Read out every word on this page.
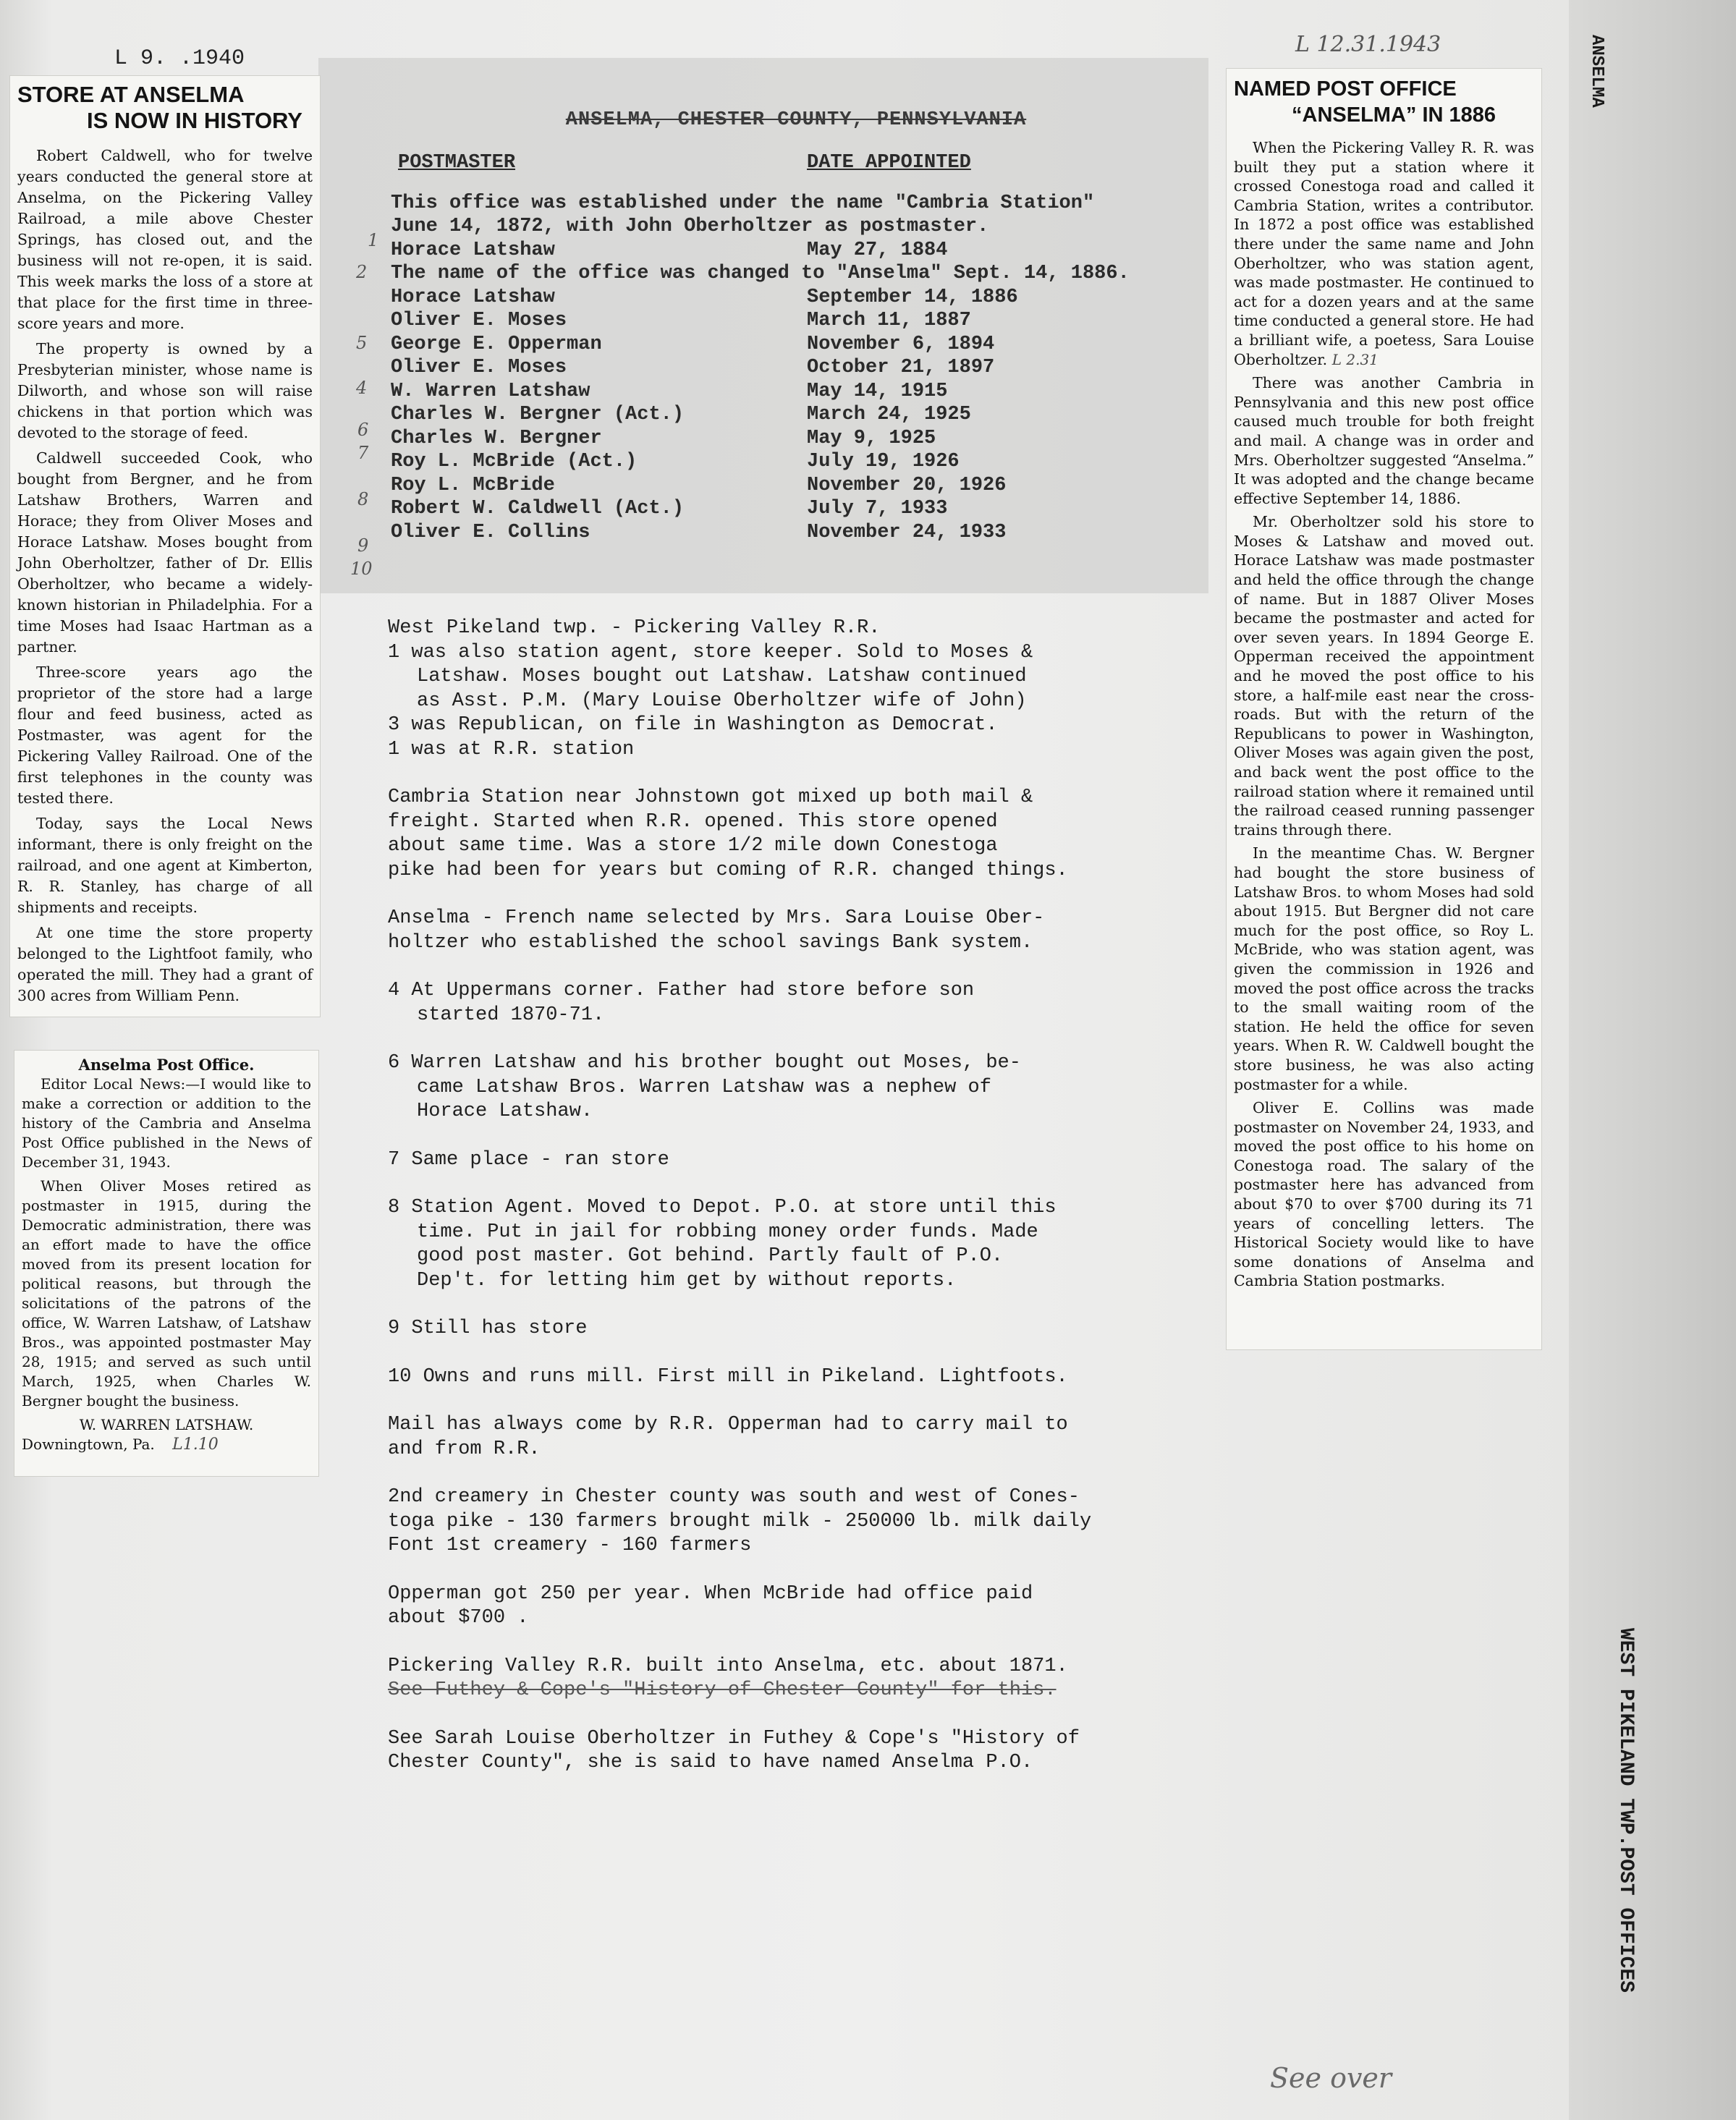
L 9. .1940
L 12.31.1943
STORE AT ANSELMA
IS NOW IN HISTORY

Robert Caldwell, who for twelve years conducted the general store at Anselma, on the Pickering Valley Railroad, a mile above Chester Springs, has closed out, and the business will not re-open, it is said. This week marks the loss of a store at that place for the first time in three-score years and more.

The property is owned by a Presbyterian minister, whose name is Dilworth, and whose son will raise chickens in that portion which was devoted to the storage of feed.

Caldwell succeeded Cook, who bought from Bergner, and he from Latshaw Brothers, Warren and Horace; they from Oliver Moses and Horace Latshaw. Moses bought from John Oberholtzer, father of Dr. Ellis Oberholtzer, who became a widely-known historian in Philadelphia. For a time Moses had Isaac Hartman as a partner.

Three-score years ago the proprietor of the store had a large flour and feed business, acted as Postmaster, was agent for the Pickering Valley Railroad. One of the first telephones in the county was tested there.

Today, says the Local News informant, there is only freight on the railroad, and one agent at Kimberton, R. R. Stanley, has charge of all shipments and receipts.

At one time the store property belonged to the Lightfoot family, who operated the mill. They had a grant of 300 acres from William Penn.

Anselma Post Office.

Editor Local News:—I would like to make a correction or addition to the history of the Cambria and Anselma Post Office published in the News of December 31, 1943.

When Oliver Moses retired as postmaster in 1915, during the Democratic administration, there was an effort made to have the office moved from its present location for political reasons, but through the solicitations of the patrons of the office, W. Warren Latshaw, of Latshaw Bros., was appointed postmaster May 28, 1915; and served as such until March, 1925, when Charles W. Bergner bought the business.

W. WARREN LATSHAW.
Downingtown, Pa. L1.10
NAMED POST OFFICE
“ANSELMA” IN 1886

When the Pickering Valley R. R. was built they put a station where it crossed Conestoga road and called it Cambria Station, writes a contributor. In 1872 a post office was established there under the same name and John Oberholtzer, who was station agent, was made postmaster. He continued to act for a dozen years and at the same time conducted a general store. He had a brilliant wife, a poetess, Sara Louise Oberholtzer. L 2.31

There was another Cambria in Pennsylvania and this new post office caused much trouble for both freight and mail. A change was in order and Mrs. Oberholtzer suggested “Anselma.” It was adopted and the change became effective September 14, 1886.

Mr. Oberholtzer sold his store to Moses & Latshaw and moved out. Horace Latshaw was made postmaster and held the office through the change of name. But in 1887 Oliver Moses became the postmaster and acted for over seven years. In 1894 George E. Opperman received the appointment and he moved the post office to his store, a half-mile east near the cross-roads. But with the return of the Republicans to power in Washington, Oliver Moses was again given the post, and back went the post office to the railroad station where it remained until the railroad ceased running passenger trains through there.

In the meantime Chas. W. Bergner had bought the store business of Latshaw Bros. to whom Moses had sold about 1915. But Bergner did not care much for the post office, so Roy L. McBride, who was station agent, was given the commission in 1926 and moved the post office across the tracks to the small waiting room of the station. He held the office for seven years. When R. W. Caldwell bought the store business, he was also acting postmaster for a while.

Oliver E. Collins was made postmaster on November 24, 1933, and moved the post office to his home on Conestoga road. The salary of the postmaster here has advanced from about $70 to over $700 during its 71 years of concelling letters. The Historical Society would like to have some donations of Anselma and Cambria Station postmarks.

ANSELMA, CHESTER COUNTY, PENNSYLVANIA
POSTMASTER	DATE APPOINTED
This office was established under the name "Cambria Station"
June 14, 1872, with John Oberholtzer as postmaster.
Horace Latshaw	May 27, 1884
The name of the office was changed to "Anselma" Sept. 14, 1886.
Horace Latshaw	September 14, 1886
Oliver E. Moses	March 11, 1887
George E. Opperman	November 6, 1894
Oliver E. Moses	October 21, 1897
W. Warren Latshaw	May 14, 1915
Charles W. Bergner (Act.)	March 24, 1925
Charles W. Bergner	May 9, 1925
Roy L. McBride (Act.)	July 19, 1926
Roy L. McBride	November 20, 1926
Robert W. Caldwell (Act.)	July 7, 1933
Oliver E. Collins	November 24, 1933
1
2
5
4
6
7
8
9
10
West Pikeland twp. - Pickering Valley R.R.
1 was also station agent, store keeper. Sold to Moses &
Latshaw. Moses bought out Latshaw. Latshaw continued
as Asst. P.M. (Mary Louise Oberholtzer wife of John)
3 was Republican, on file in Washington as Democrat.
1 was at R.R. station
Cambria Station near Johnstown got mixed up both mail &
freight. Started when R.R. opened. This store opened
about same time. Was a store 1/2 mile down Conestoga
pike had been for years but coming of R.R. changed things.
Anselma - French name selected by Mrs. Sara Louise Ober-
holtzer who established the school savings Bank system.
4 At Uppermans corner. Father had store before son
started 1870-71.
6 Warren Latshaw and his brother bought out Moses, be-
came Latshaw Bros. Warren Latshaw was a nephew of
Horace Latshaw.
7 Same place - ran store
8 Station Agent. Moved to Depot. P.O. at store until this
time. Put in jail for robbing money order funds. Made
good post master. Got behind. Partly fault of P.O.
Dep't. for letting him get by without reports.
9 Still has store
10 Owns and runs mill. First mill in Pikeland. Lightfoots.
Mail has always come by R.R. Opperman had to carry mail to
and from R.R.
2nd creamery in Chester county was south and west of Cones-
toga pike - 130 farmers brought milk - 250000 lb. milk daily
Font 1st creamery - 160 farmers
Opperman got 250 per year. When McBride had office paid
about $700 .
Pickering Valley R.R. built into Anselma, etc. about 1871.
See Futhey & Cope's "History of Chester County" for this.
See Sarah Louise Oberholtzer in Futhey & Cope's "History of
Chester County", she is said to have named Anselma P.O.
ANSELMA
WEST PIKELAND TWP.POST OFFICES
See over
